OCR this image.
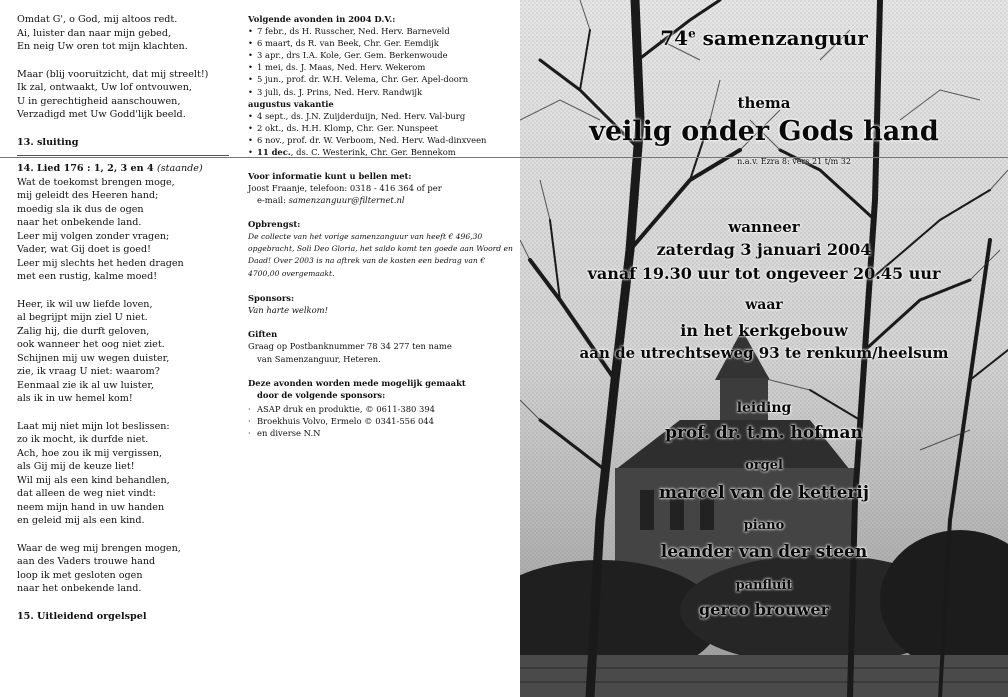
Omdat G', o God, mij altoos redt.
Ai, luister dan naar mijn gebed,
En neig Uw oren tot mijn klachten.
Maar (blij vooruitzicht, dat mij streelt!)
Ik zal, ontwaakt, Uw lof ontvouwen,
U in gerechtigheid aanschouwen,
Verzadigd met Uw Godd'lijk beeld.
13. sluiting
14. Lied 176 : 1, 2, 3 en 4 (staande)
Wat de toekomst brengen moge,
mij geleidt des Heeren hand;
moedig sla ik dus de ogen
naar het onbekende land.
Leer mij volgen zonder vragen;
Vader, wat Gij doet is goed!
Leer mij slechts het heden dragen
met een rustig, kalme moed!
Heer, ik wil uw liefde loven,
al begrijpt mijn ziel U niet.
Zalig hij, die durft geloven,
ook wanneer het oog niet ziet.
Schijnen mij uw wegen duister,
zie, ik vraag U niet: waarom?
Eenmaal zie ik al uw luister,
als ik in uw hemel kom!
Laat mij niet mijn lot beslissen:
zo ik mocht, ik durfde niet.
Ach, hoe zou ik mij vergissen,
als Gij mij de keuze liet!
Wil mij als een kind behandlen,
dat alleen de weg niet vindt:
neem mijn hand in uw handen
en geleid mij als een kind.
Waar de weg mij brengen mogen,
aan des Vaders trouwe hand
loop ik met gesloten ogen
naar het onbekende land.
15. Uitleidend orgelspel
Volgende avonden in 2004 D.V.:
• 7 febr., ds H. Russcher, Ned. Herv. Barneveld
• 6 maart, ds R. van Beek, Chr. Ger. Eemdijk
• 3 apr., drs I.A. Kole, Ger. Gem. Berkenwoude
• 1 mei, ds. J. Maas, Ned. Herv. Wekerom
• 5 jun., prof. dr. W.H. Velema, Chr. Ger. Apel-doorn
• 3 juli, ds. J. Prins, Ned. Herv. Randwijk
augustus vakantie
• 4 sept., ds. J.N. Zuijderduijn, Ned. Herv. Val-burg
• 2 okt., ds. H.H. Klomp, Chr. Ger. Nunspeet
• 6 nov., prof. dr. W. Verboom, Ned. Herv. Wad-dinxveen
• 11 dec., ds. C. Westerink, Chr. Ger. Bennekom
Voor informatie kunt u bellen met:
Joost Fraanje, telefoon: 0318 - 416 364 of per
e-mail: samenzanguur@filternet.nl
Opbrengst:
De collecte van het vorige samenzanguur van heeft € 496,30 opgebracht, Soli Deo Gloria, het saldo komt ten goede aan Woord en Daad! Over 2003 is na aftrek van de kosten een bedrag van € 4700,00 overgemaakt.
Sponsors:
Van harte welkom!
Giften
Graag op Postbanknummer 78 34 277 ten name
van Samenzanguur, Heteren.
Deze avonden worden mede mogelijk gemaakt
door de volgende sponsors:
· ASAP druk en produktie, © 0611-380 394
· Broekhuis Volvo, Ermelo © 0341-556 044
· en diverse N.N
74e samenzanguur
thema
veilig onder Gods hand
n.a.v. Ezra 8: vers 21 t/m 32
wanneer
zaterdag 3 januari 2004
vanaf 19.30 uur tot ongeveer 20.45 uur
waar
in het kerkgebouw
aan de utrechtseweg 93 te renkum/heelsum
leiding
prof. dr. t.m. hofman
orgel
marcel van de ketterij
piano
leander van der steen
panfluit
gerco brouwer
